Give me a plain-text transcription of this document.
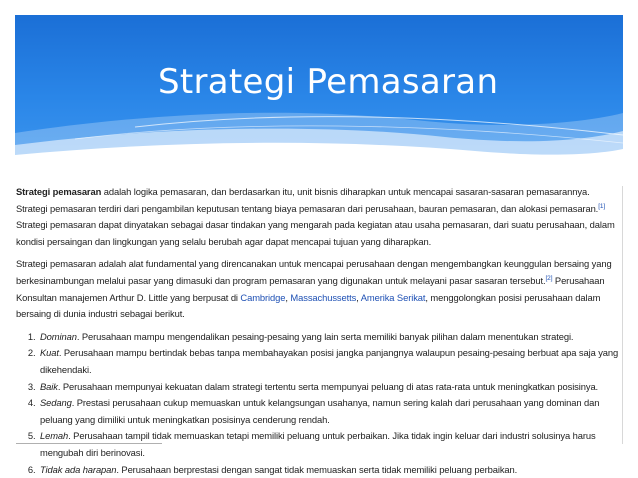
Strategi Pemasaran

Strategi pemasaran adalah logika pemasaran, dan berdasarkan itu, unit bisnis diharapkan untuk mencapai sasaran-sasaran pemasarannya. Strategi pemasaran terdiri dari pengambilan keputusan tentang biaya pemasaran dari perusahaan, bauran pemasaran, dan alokasi pemasaran.[1] Strategi pemasaran dapat dinyatakan sebagai dasar tindakan yang mengarah pada kegiatan atau usaha pemasaran, dari suatu perusahaan, dalam kondisi persaingan dan lingkungan yang selalu berubah agar dapat mencapai tujuan yang diharapkan.

Strategi pemasaran adalah alat fundamental yang direncanakan untuk mencapai perusahaan dengan mengembangkan keunggulan bersaing yang berkesinambungan melalui pasar yang dimasuki dan program pemasaran yang digunakan untuk melayani pasar sasaran tersebut.[2] Perusahaan Konsultan manajemen Arthur D. Little yang berpusat di Cambridge, Massachussetts, Amerika Serikat, menggolongkan posisi perusahaan dalam bersaing di dunia industri sebagai berikut.

1. Dominan. Perusahaan mampu mengendalikan pesaing-pesaing yang lain serta memiliki banyak pilihan dalam menentukan strategi.
2. Kuat. Perusahaan mampu bertindak bebas tanpa membahayakan posisi jangka panjangnya walaupun pesaing-pesaing berbuat apa saja yang dikehendaki.
3. Baik. Perusahaan mempunyai kekuatan dalam strategi tertentu serta mempunyai peluang di atas rata-rata untuk meningkatkan posisinya.
4. Sedang. Prestasi perusahaan cukup memuaskan untuk kelangsungan usahanya, namun sering kalah dari perusahaan yang dominan dan peluang yang dimiliki untuk meningkatkan posisinya cenderung rendah.
5. Lemah. Perusahaan tampil tidak memuaskan tetapi memiliki peluang untuk perbaikan. Jika tidak ingin keluar dari industri solusinya harus mengubah diri berinovasi.
6. Tidak ada harapan. Perusahaan berprestasi dengan sangat tidak memuaskan serta tidak memiliki peluang perbaikan.
